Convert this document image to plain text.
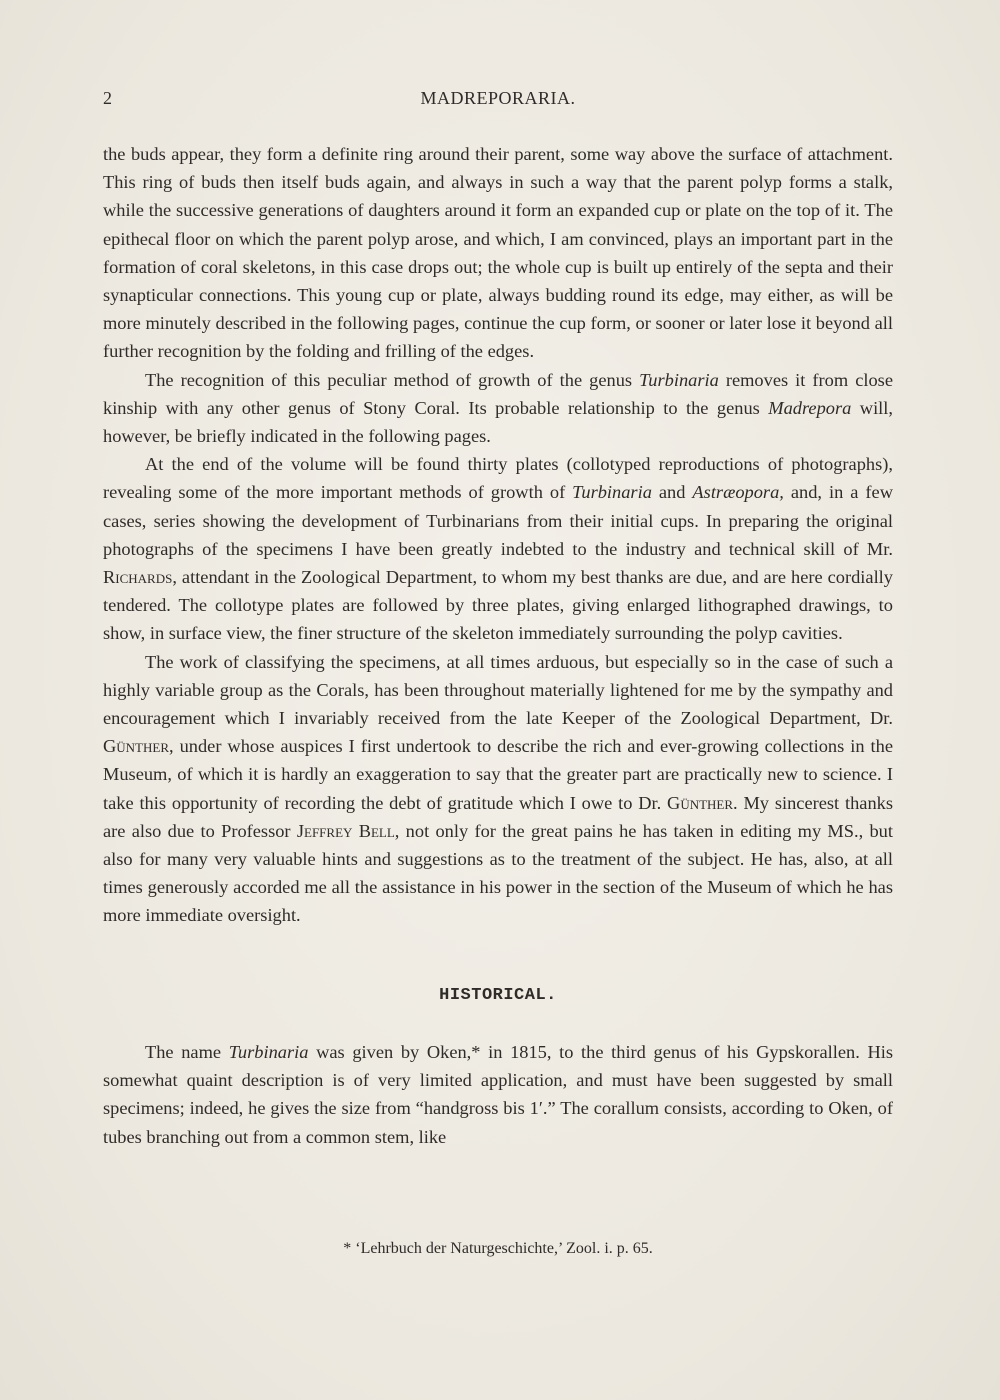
2	MADREPORARIA.

the buds appear, they form a definite ring around their parent, some way above the surface of attachment. This ring of buds then itself buds again, and always in such a way that the parent polyp forms a stalk, while the successive generations of daughters around it form an expanded cup or plate on the top of it. The epithecal floor on which the parent polyp arose, and which, I am convinced, plays an important part in the formation of coral skeletons, in this case drops out; the whole cup is built up entirely of the septa and their synapticular connections. This young cup or plate, always budding round its edge, may either, as will be more minutely described in the following pages, continue the cup form, or sooner or later lose it beyond all further recognition by the folding and frilling of the edges.

The recognition of this peculiar method of growth of the genus Turbinaria removes it from close kinship with any other genus of Stony Coral. Its probable relationship to the genus Madrepora will, however, be briefly indicated in the following pages.

At the end of the volume will be found thirty plates (collotyped reproductions of photographs), revealing some of the more important methods of growth of Turbinaria and Astræopora, and, in a few cases, series showing the development of Turbinarians from their initial cups. In preparing the original photographs of the specimens I have been greatly indebted to the industry and technical skill of Mr. Richards, attendant in the Zoological Department, to whom my best thanks are due, and are here cordially tendered. The collotype plates are followed by three plates, giving enlarged lithographed drawings, to show, in surface view, the finer structure of the skeleton immediately surrounding the polyp cavities.

The work of classifying the specimens, at all times arduous, but especially so in the case of such a highly variable group as the Corals, has been throughout materially lightened for me by the sympathy and encouragement which I invariably received from the late Keeper of the Zoological Department, Dr. Günther, under whose auspices I first undertook to describe the rich and ever-growing collections in the Museum, of which it is hardly an exaggeration to say that the greater part are practically new to science. I take this opportunity of recording the debt of gratitude which I owe to Dr. Günther. My sincerest thanks are also due to Professor Jeffrey Bell, not only for the great pains he has taken in editing my MS., but also for many very valuable hints and suggestions as to the treatment of the subject. He has, also, at all times generously accorded me all the assistance in his power in the section of the Museum of which he has more immediate oversight.

HISTORICAL.

The name Turbinaria was given by Oken,* in 1815, to the third genus of his Gypskorallen. His somewhat quaint description is of very limited application, and must have been suggested by small specimens; indeed, he gives the size from “handgross bis 1′.” The corallum consists, according to Oken, of tubes branching out from a common stem, like

* ‘Lehrbuch der Naturgeschichte,’ Zool. i. p. 65.
